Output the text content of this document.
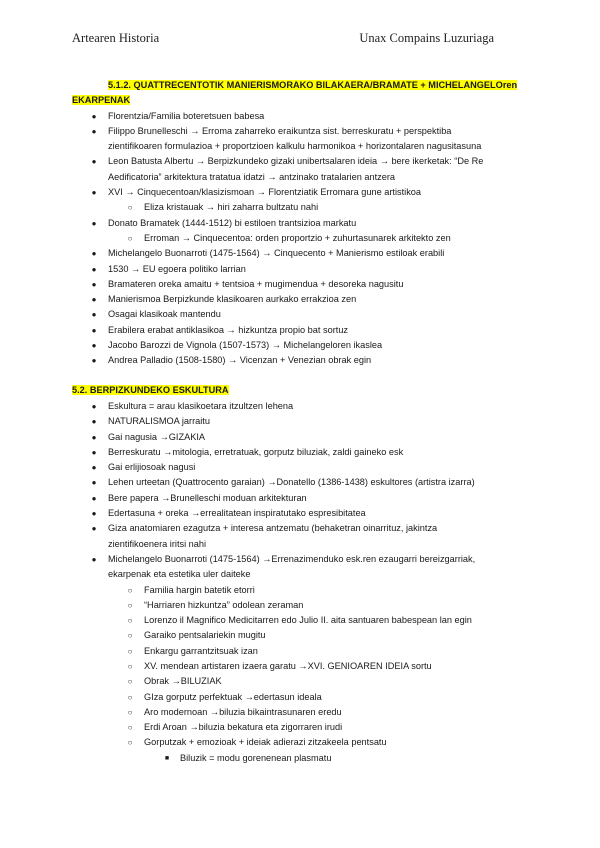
Artearen Historia	Unax Compains Luzuriaga
5.1.2. QUATTRECENTOTIK MANIERISMORAKO BILAKAERA/BRAMATE + MICHELANGELOren
EKARPENAK
● Florentzia/Familia boteretsuen babesa
● Filippo Brunelleschi → Erroma zaharreko eraikuntza sist. berreskuratu + perspektiba
zientifikoaren formulazioa + proportzioen kalkulu harmonikoa + horizontalaren nagusitasuna
● Leon Batusta Albertu → Berpizkundeko gizaki unibertsalaren ideia → bere ikerketak: “De Re
Aedificatoria” arkitektura tratatua idatzi → antzinako tratalarien antzera
● XVI → Cinquecentoan/klasizismoan → Florentziatik Erromara gune artistikoa
○ Eliza kristauak → hiri zaharra bultzatu nahi
● Donato Bramatek (1444-1512) bi estiloen trantsizioa markatu
○ Erroman → Cinquecentoa: orden proportzio + zuhurtasunarek arkitekto zen
● Michelangelo Buonarroti (1475-1564) → Cinquecento + Manierismo estiloak erabili
● 1530 → EU egoera politiko larrian
● Bramateren oreka amaitu + tentsioa + mugimendua + desoreka nagusitu
● Manierismoa Berpizkunde klasikoaren aurkako errakzioa zen
● Osagai klasikoak mantendu
● Erabilera erabat antiklasikoa → hizkuntza propio bat sortuz
● Jacobo Barozzi de Vignola (1507-1573) → Michelangeloren ikaslea
● Andrea Palladio (1508-1580) → Vicenzan + Venezian obrak egin
5.2. BERPIZKUNDEKO ESKULTURA
● Eskultura = arau klasikoetara itzultzen lehena
● NATURALISMOA jarraitu
● Gai nagusia →GIZAKIA
● Berreskuratu →mitologia, erretratuak, gorputz biluziak, zaldi gaineko esk
● Gai erlijiosoak nagusi
● Lehen urteetan (Quattrocento garaian) →Donatello (1386-1438) eskultores (artistra izarra)
● Bere papera →Brunelleschi moduan arkitekturan
● Edertasuna + oreka →errealitatean inspiratutako espresibitatea
● Giza anatomiaren ezagutza + interesa antzematu (behaketran oinarrituz, jakintza
zientifikoenera iritsi nahi
● Michelangelo Buonarroti (1475-1564) →Errenazimenduko esk.ren ezaugarri bereizgarriak,
ekarpenak eta estetika uler daiteke
○ Familia hargin batetik etorri
○ “Harriaren hizkuntza” odolean zeraman
○ Lorenzo il Magnifico Medicitarren edo Julio II. aita santuaren babespean lan egin
○ Garaiko pentsalariekin mugitu
○ Enkargu garrantzitsuak izan
○ XV. mendean artistaren izaera garatu →XVI. GENIOAREN IDEIA sortu
○ Obrak →BILUZIAK
○ GIza gorputz perfektuak →edertasun ideala
○ Aro modernoan →biluzia bikaintrasunaren eredu
○ Erdi Aroan →biluzia bekatura eta zigorraren irudi
○ Gorputzak + emozioak + ideiak adierazi zitzakeela pentsatu
■	Biluzik = modu gorenenean plasmatu
